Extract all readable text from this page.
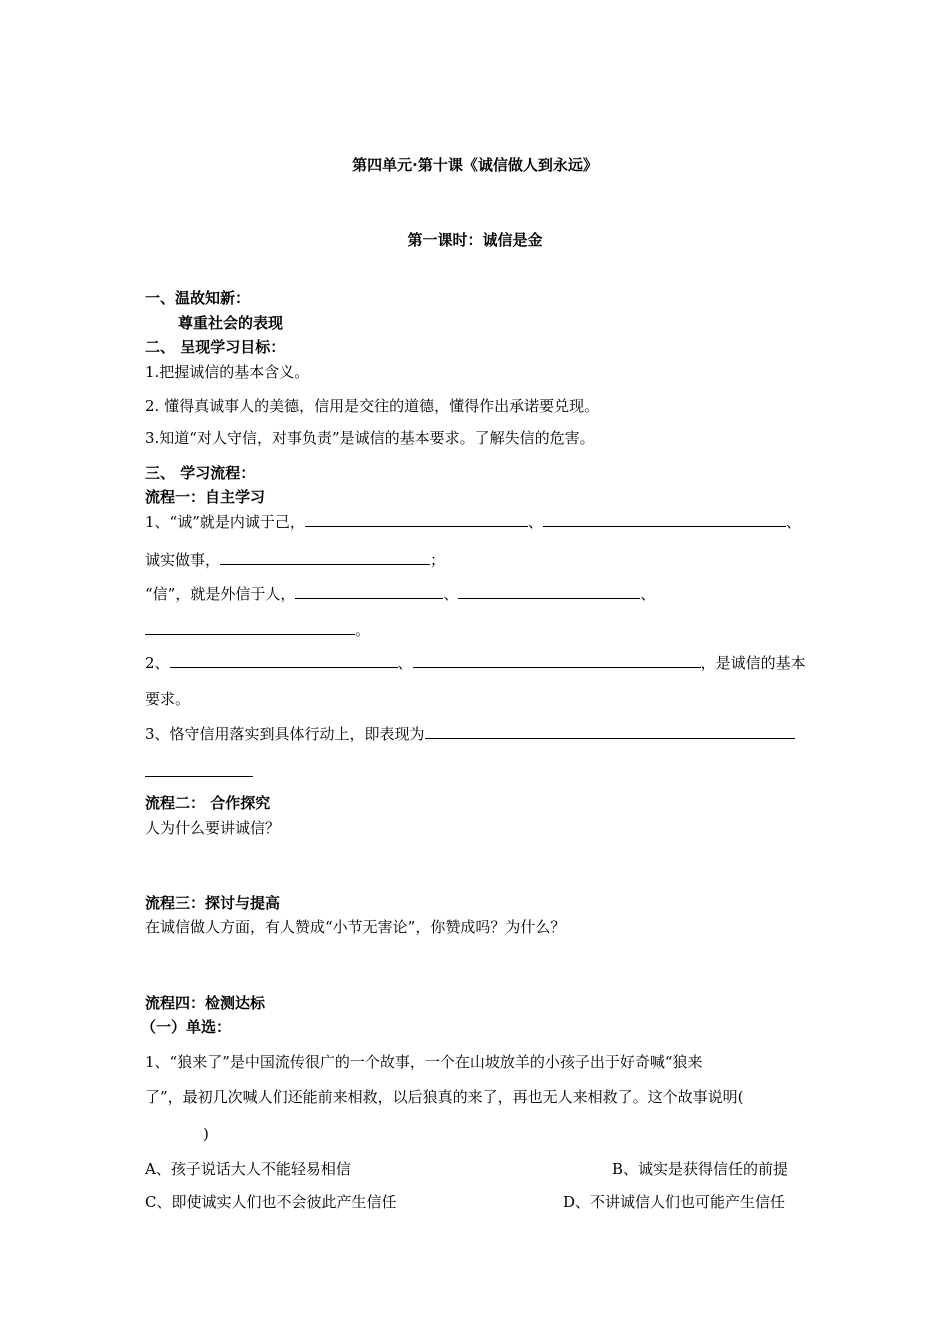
第四单元·第十课《诚信做人到永远》
第一课时：诚信是金
一、温故知新：
尊重社会的表现
二、 呈现学习目标：
1.把握诚信的基本含义。
2. 懂得真诚事人的美德，信用是交往的道德，懂得作出承诺要兑现。
3.知道“对人守信，对事负责”是诚信的基本要求。了解失信的危害。
三、 学习流程：
流程一：自主学习
1、“诚”就是内诚于己，	、	、
诚实做事，	；
“信”，就是外信于人，	、	、
。
2、	、	，是诚信的基本
要求。
3、恪守信用落实到具体行动上，即表现为
流程二： 合作探究
人为什么要讲诚信？
流程三：探讨与提高
在诚信做人方面，有人赞成“小节无害论”，你赞成吗？为什么？
流程四：检测达标
（一）单选：
1、“狼来了”是中国流传很广的一个故事，一个在山坡放羊的小孩子出于好奇喊“狼来
了”，最初几次喊人们还能前来相救，以后狼真的来了，再也无人来相救了。这个故事说明(
)
A、孩子说话大人不能轻易相信	B、诚实是获得信任的前提
C、即使诚实人们也不会彼此产生信任	D、不讲诚信人们也可能产生信任
